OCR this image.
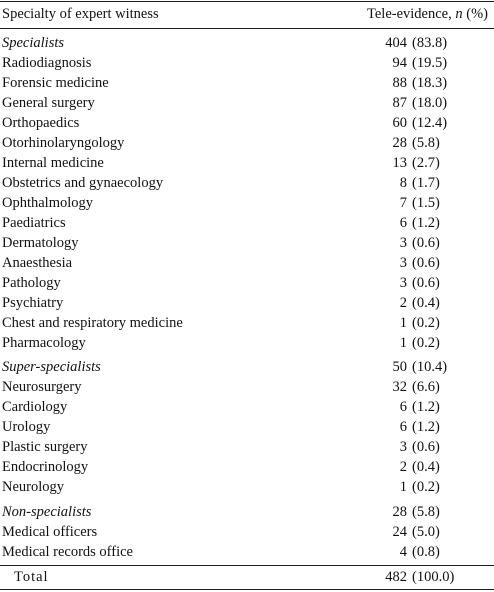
Specialty of expert witness	Tele-evidence, n (%)
Specialists	404 (83.8)
Radiodiagnosis	94 (19.5)
Forensic medicine	88 (18.3)
General surgery	87 (18.0)
Orthopaedics	60 (12.4)
Otorhinolaryngology	28 (5.8)
Internal medicine	13 (2.7)
Obstetrics and gynaecology	8 (1.7)
Ophthalmology	7 (1.5)
Paediatrics	6 (1.2)
Dermatology	3 (0.6)
Anaesthesia	3 (0.6)
Pathology	3 (0.6)
Psychiatry	2 (0.4)
Chest and respiratory medicine	1 (0.2)
Pharmacology	1 (0.2)
Super-specialists	50 (10.4)
Neurosurgery	32 (6.6)
Cardiology	6 (1.2)
Urology	6 (1.2)
Plastic surgery	3 (0.6)
Endocrinology	2 (0.4)
Neurology	1 (0.2)
Non-specialists	28 (5.8)
Medical officers	24 (5.0)
Medical records office	4 (0.8)
Total	482 (100.0)
